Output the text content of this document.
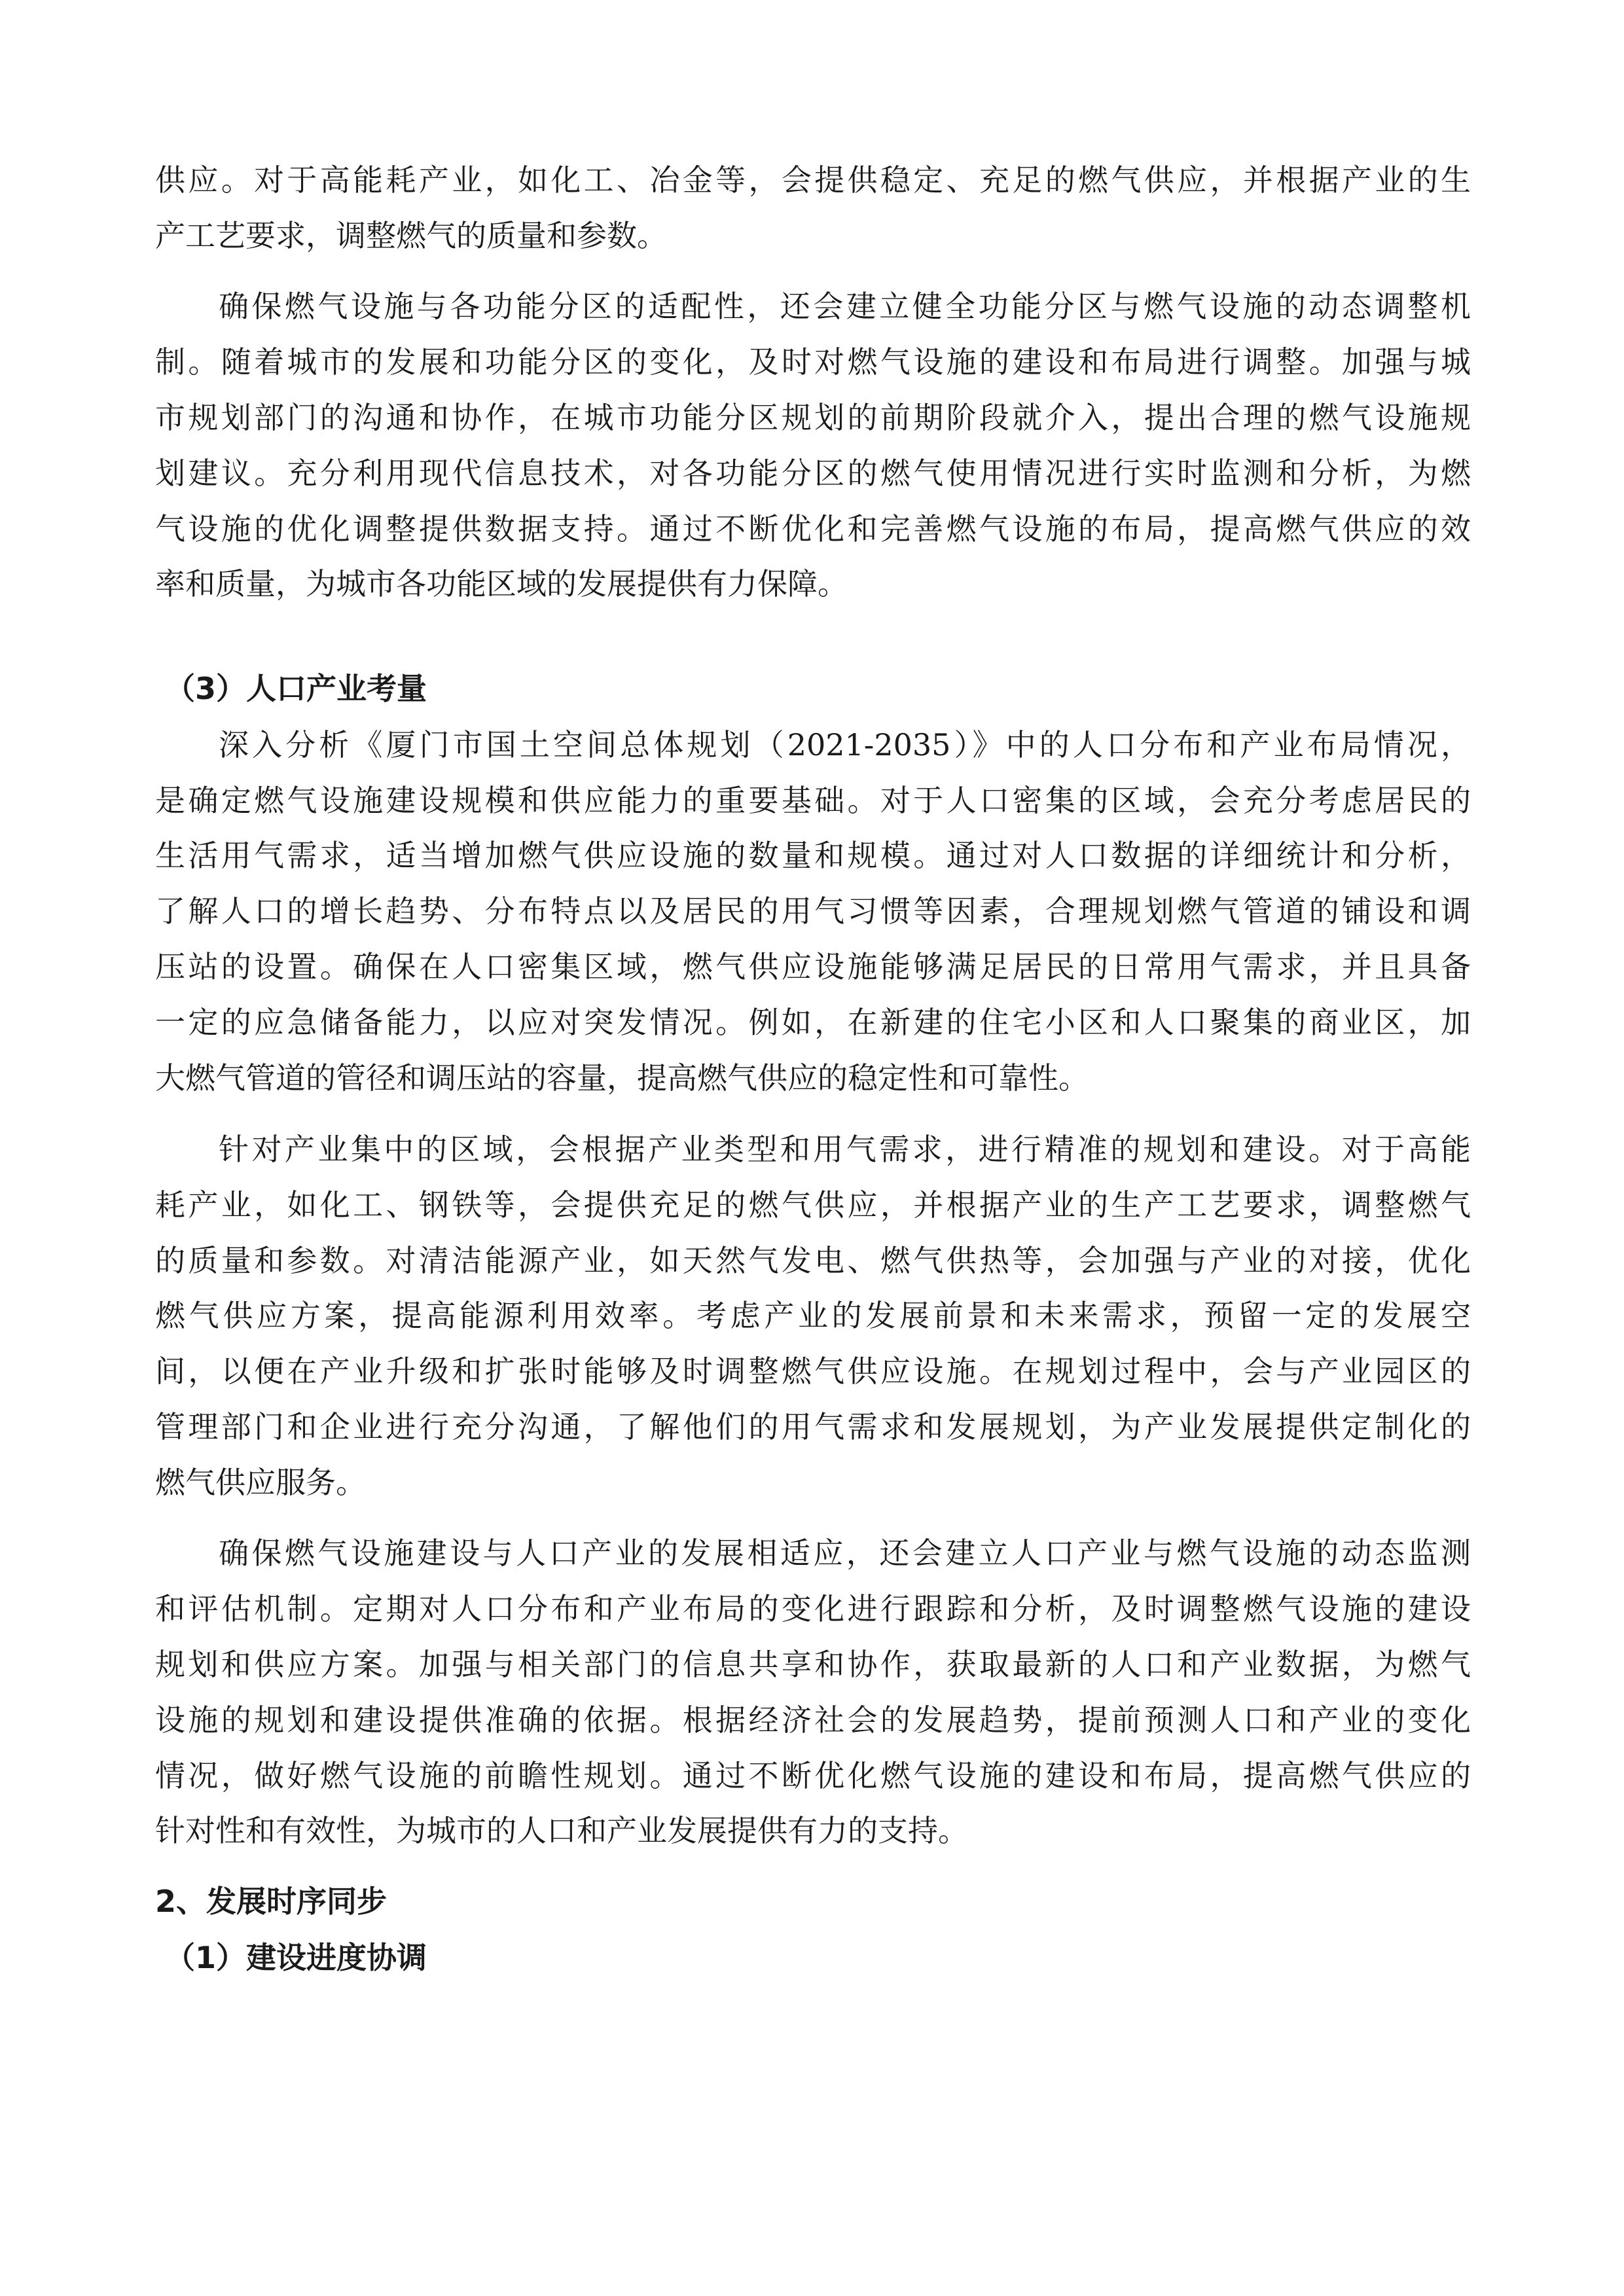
供应。对于高能耗产业，如化工、冶金等，会提供稳定、充足的燃气供应，并根据产业的生
产工艺要求，调整燃气的质量和参数。
确保燃气设施与各功能分区的适配性，还会建立健全功能分区与燃气设施的动态调整机
制。随着城市的发展和功能分区的变化，及时对燃气设施的建设和布局进行调整。加强与城
市规划部门的沟通和协作，在城市功能分区规划的前期阶段就介入，提出合理的燃气设施规
划建议。充分利用现代信息技术，对各功能分区的燃气使用情况进行实时监测和分析，为燃
气设施的优化调整提供数据支持。通过不断优化和完善燃气设施的布局，提高燃气供应的效
率和质量，为城市各功能区域的发展提供有力保障。
（3）人口产业考量
深入分析《厦门市国土空间总体规划（2021-2035）》中的人口分布和产业布局情况，
是确定燃气设施建设规模和供应能力的重要基础。对于人口密集的区域，会充分考虑居民的
生活用气需求，适当增加燃气供应设施的数量和规模。通过对人口数据的详细统计和分析，
了解人口的增长趋势、分布特点以及居民的用气习惯等因素，合理规划燃气管道的铺设和调
压站的设置。确保在人口密集区域，燃气供应设施能够满足居民的日常用气需求，并且具备
一定的应急储备能力，以应对突发情况。例如，在新建的住宅小区和人口聚集的商业区，加
大燃气管道的管径和调压站的容量，提高燃气供应的稳定性和可靠性。
针对产业集中的区域，会根据产业类型和用气需求，进行精准的规划和建设。对于高能
耗产业，如化工、钢铁等，会提供充足的燃气供应，并根据产业的生产工艺要求，调整燃气
的质量和参数。对清洁能源产业，如天然气发电、燃气供热等，会加强与产业的对接，优化
燃气供应方案，提高能源利用效率。考虑产业的发展前景和未来需求，预留一定的发展空
间，以便在产业升级和扩张时能够及时调整燃气供应设施。在规划过程中，会与产业园区的
管理部门和企业进行充分沟通，了解他们的用气需求和发展规划，为产业发展提供定制化的
燃气供应服务。
确保燃气设施建设与人口产业的发展相适应，还会建立人口产业与燃气设施的动态监测
和评估机制。定期对人口分布和产业布局的变化进行跟踪和分析，及时调整燃气设施的建设
规划和供应方案。加强与相关部门的信息共享和协作，获取最新的人口和产业数据，为燃气
设施的规划和建设提供准确的依据。根据经济社会的发展趋势，提前预测人口和产业的变化
情况，做好燃气设施的前瞻性规划。通过不断优化燃气设施的建设和布局，提高燃气供应的
针对性和有效性，为城市的人口和产业发展提供有力的支持。
2、发展时序同步
（1）建设进度协调
